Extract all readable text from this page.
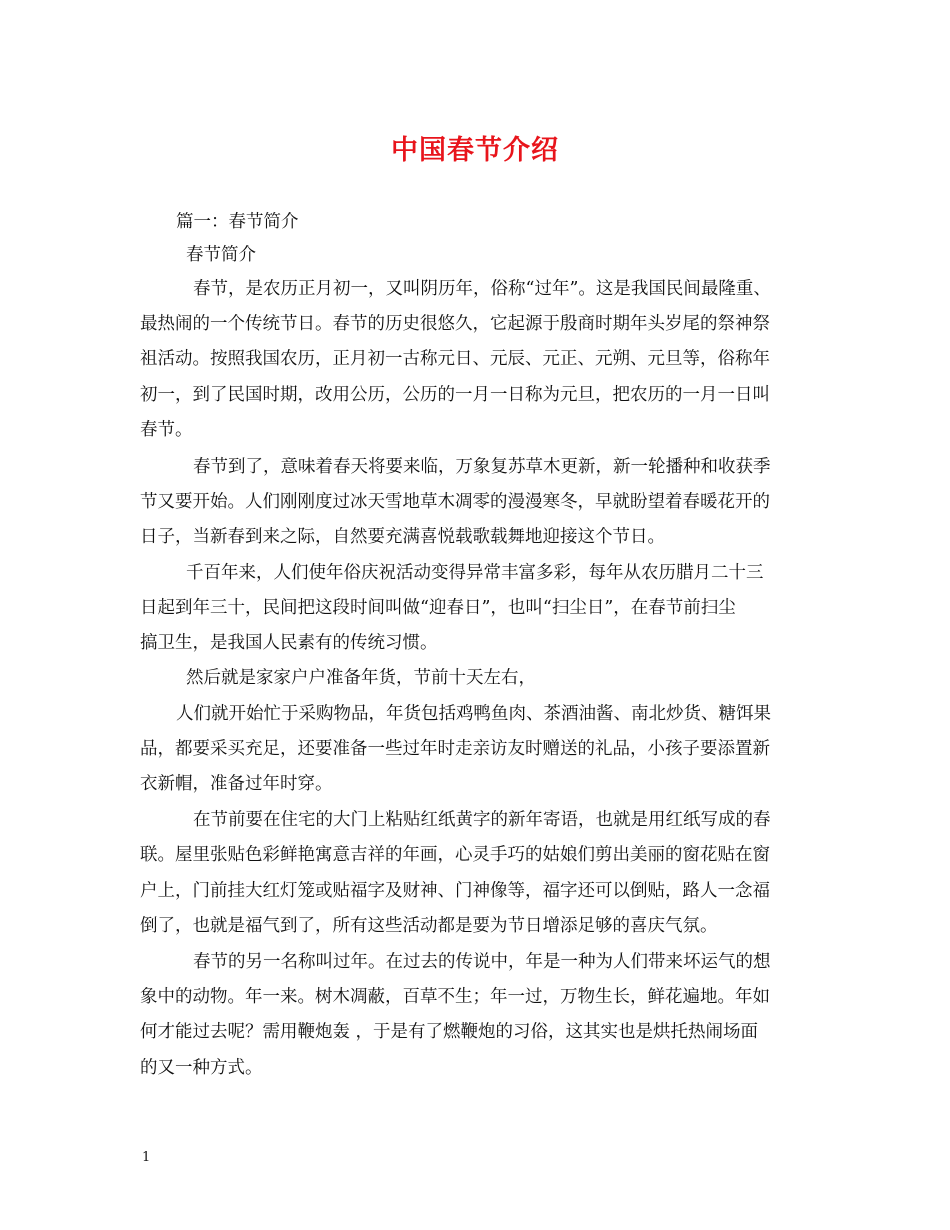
中国春节介绍
篇一：春节简介
春节简介
春节，是农历正月初一，又叫阴历年，俗称“过年”。这是我国民间最隆重、
最热闹的一个传统节日。春节的历史很悠久，它起源于殷商时期年头岁尾的祭神祭
祖活动。按照我国农历，正月初一古称元日、元辰、元正、元朔、元旦等，俗称年
初一，到了民国时期，改用公历，公历的一月一日称为元旦，把农历的一月一日叫
春节。
春节到了，意味着春天将要来临，万象复苏草木更新，新一轮播种和收获季
节又要开始。人们刚刚度过冰天雪地草木凋零的漫漫寒冬，早就盼望着春暖花开的
日子，当新春到来之际，自然要充满喜悦载歌载舞地迎接这个节日。
千百年来，人们使年俗庆祝活动变得异常丰富多彩，每年从农历腊月二十三
日起到年三十，民间把这段时间叫做“迎春日”，也叫“扫尘日”，在春节前扫尘
搞卫生，是我国人民素有的传统习惯。
然后就是家家户户准备年货，节前十天左右，
人们就开始忙于采购物品，年货包括鸡鸭鱼肉、茶酒油酱、南北炒货、糖饵果
品，都要采买充足，还要准备一些过年时走亲访友时赠送的礼品，小孩子要添置新
衣新帽，准备过年时穿。
在节前要在住宅的大门上粘贴红纸黄字的新年寄语，也就是用红纸写成的春
联。屋里张贴色彩鲜艳寓意吉祥的年画，心灵手巧的姑娘们剪出美丽的窗花贴在窗
户上，门前挂大红灯笼或贴福字及财神、门神像等，福字还可以倒贴，路人一念福
倒了，也就是福气到了，所有这些活动都是要为节日增添足够的喜庆气氛。
春节的另一名称叫过年。在过去的传说中，年是一种为人们带来坏运气的想
象中的动物。年一来。树木凋蔽，百草不生；年一过，万物生长，鲜花遍地。年如
何才能过去呢？需用鞭炮轰 ，于是有了燃鞭炮的习俗，这其实也是烘托热闹场面
的又一种方式。
1
